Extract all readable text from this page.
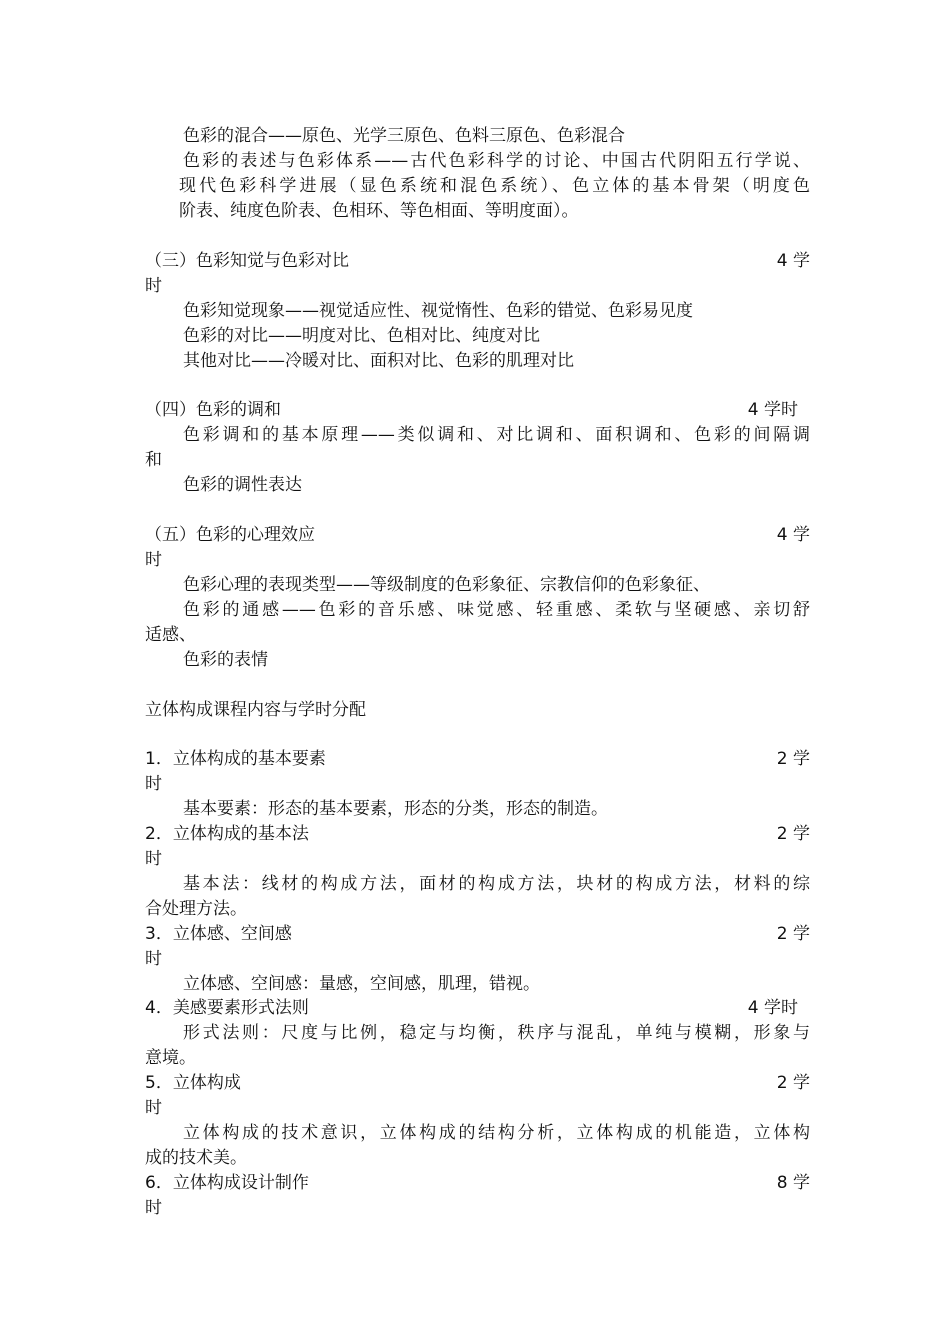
色彩的混合——原色、光学三原色、色料三原色、色彩混合
色彩的表述与色彩体系——古代色彩科学的讨论、中国古代阴阳五行学说、
现代色彩科学进展（显色系统和混色系统）、色立体的基本骨架（明度色
阶表、纯度色阶表、色相环、等色相面、等明度面）。
（三）色彩知觉与色彩对比	4 学
时
色彩知觉现象——视觉适应性、视觉惰性、色彩的错觉、色彩易见度
色彩的对比——明度对比、色相对比、纯度对比
其他对比——冷暖对比、面积对比、色彩的肌理对比
（四）色彩的调和	4 学时
色彩调和的基本原理——类似调和、对比调和、面积调和、色彩的间隔调
和
色彩的调性表达
（五）色彩的心理效应	4 学
时
色彩心理的表现类型——等级制度的色彩象征、宗教信仰的色彩象征、
色彩的通感——色彩的音乐感、味觉感、轻重感、柔软与坚硬感、亲切舒
适感、
色彩的表情
立体构成课程内容与学时分配
1．立体构成的基本要素	2 学
时
基本要素：形态的基本要素，形态的分类，形态的制造。
2．立体构成的基本法	2 学
时
基本法：线材的构成方法，面材的构成方法，块材的构成方法，材料的综
合处理方法。
3．立体感、空间感	2 学
时
立体感、空间感：量感，空间感，肌理，错视。
4．美感要素形式法则	4 学时
形式法则：尺度与比例，稳定与均衡，秩序与混乱，单纯与模糊，形象与
意境。
5．立体构成	2 学
时
立体构成的技术意识，立体构成的结构分析，立体构成的机能造，立体构
成的技术美。
6．立体构成设计制作	8 学
时
